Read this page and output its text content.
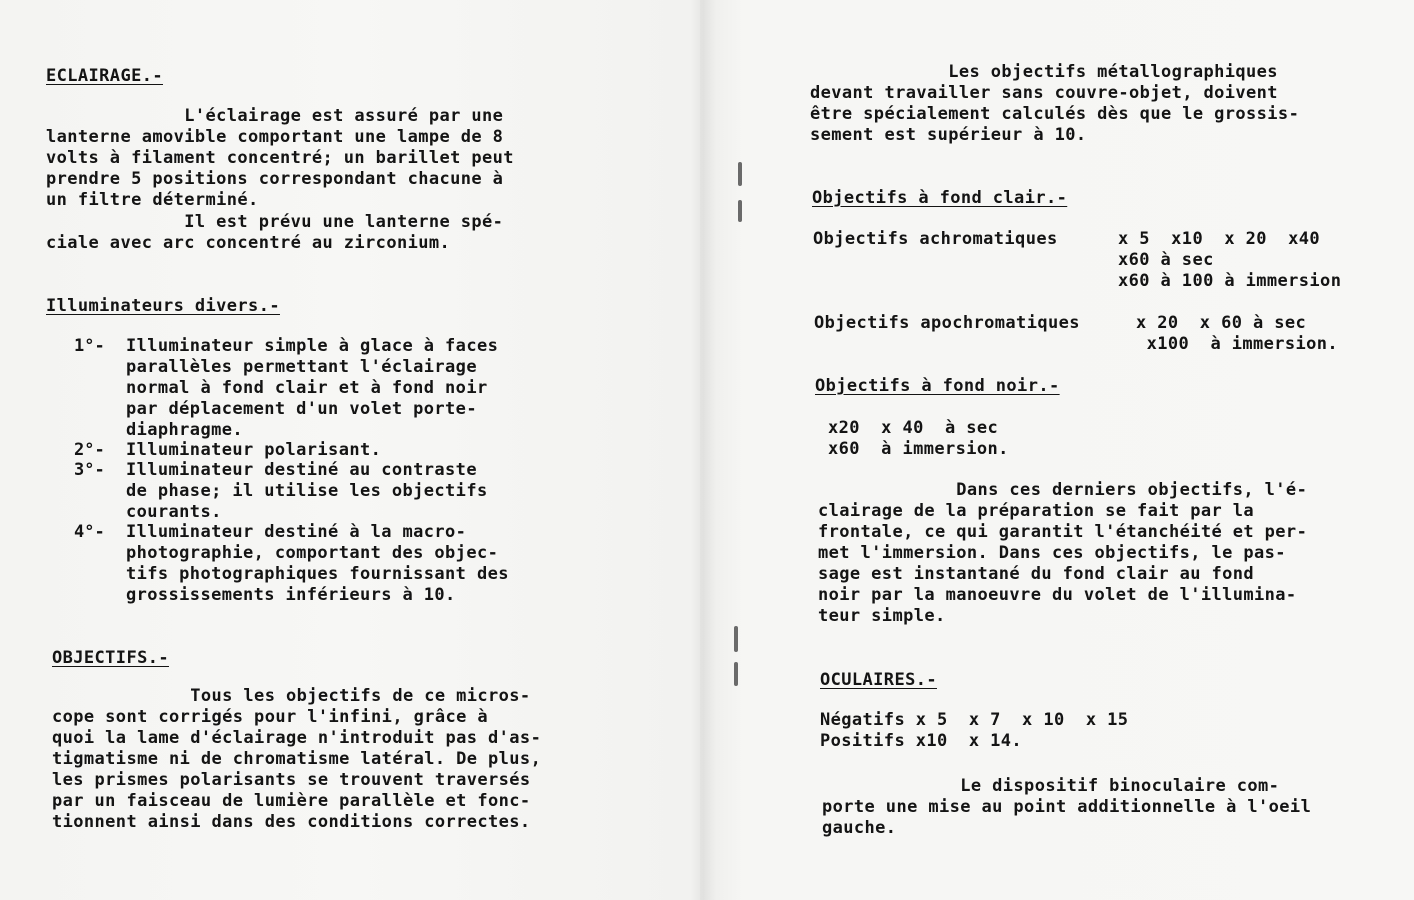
ECLAIRAGE.-
L'éclairage est assuré par une
lanterne amovible comportant une lampe de 8
volts à filament concentré; un barillet peut
prendre 5 positions correspondant chacune à
un filtre déterminé.
Il est prévu une lanterne spé-
ciale avec arc concentré au zirconium.
Illuminateurs divers.-
1°- Illuminateur simple à glace à faces
parallèles permettant l'éclairage
normal à fond clair et à fond noir
par déplacement d'un volet porte-
diaphragme.
2°- Illuminateur polarisant.
3°- Illuminateur destiné au contraste
de phase; il utilise les objectifs
courants.
4°- Illuminateur destiné à la macro-
photographie, comportant des objec-
tifs photographiques fournissant des
grossissements inférieurs à 10.
OBJECTIFS.-
Tous les objectifs de ce micros-
cope sont corrigés pour l'infini, grâce à
quoi la lame d'éclairage n'introduit pas d'as-
tigmatisme ni de chromatisme latéral. De plus,
les prismes polarisants se trouvent traversés
par un faisceau de lumière parallèle et fonc-
tionnent ainsi dans des conditions correctes.
Les objectifs métallographiques
devant travailler sans couvre-objet, doivent
être spécialement calculés dès que le grossis-
sement est supérieur à 10.
Objectifs à fond clair.-
Objectifs achromatiques	x 5  x10  x 20  x40
x60 à sec
x60 à 100 à immersion
Objectifs apochromatiques	x 20  x 60 à sec
x100  à immersion.
Objectifs à fond noir.-
x20  x 40  à sec
x60  à immersion.
Dans ces derniers objectifs, l'é-
clairage de la préparation se fait par la
frontale, ce qui garantit l'étanchéité et per-
met l'immersion. Dans ces objectifs, le pas-
sage est instantané du fond clair au fond
noir par la manoeuvre du volet de l'illumina-
teur simple.
OCULAIRES.-
Négatifs x 5  x 7  x 10  x 15
Positifs x10  x 14.
Le dispositif binoculaire com-
porte une mise au point additionnelle à l'oeil
gauche.
